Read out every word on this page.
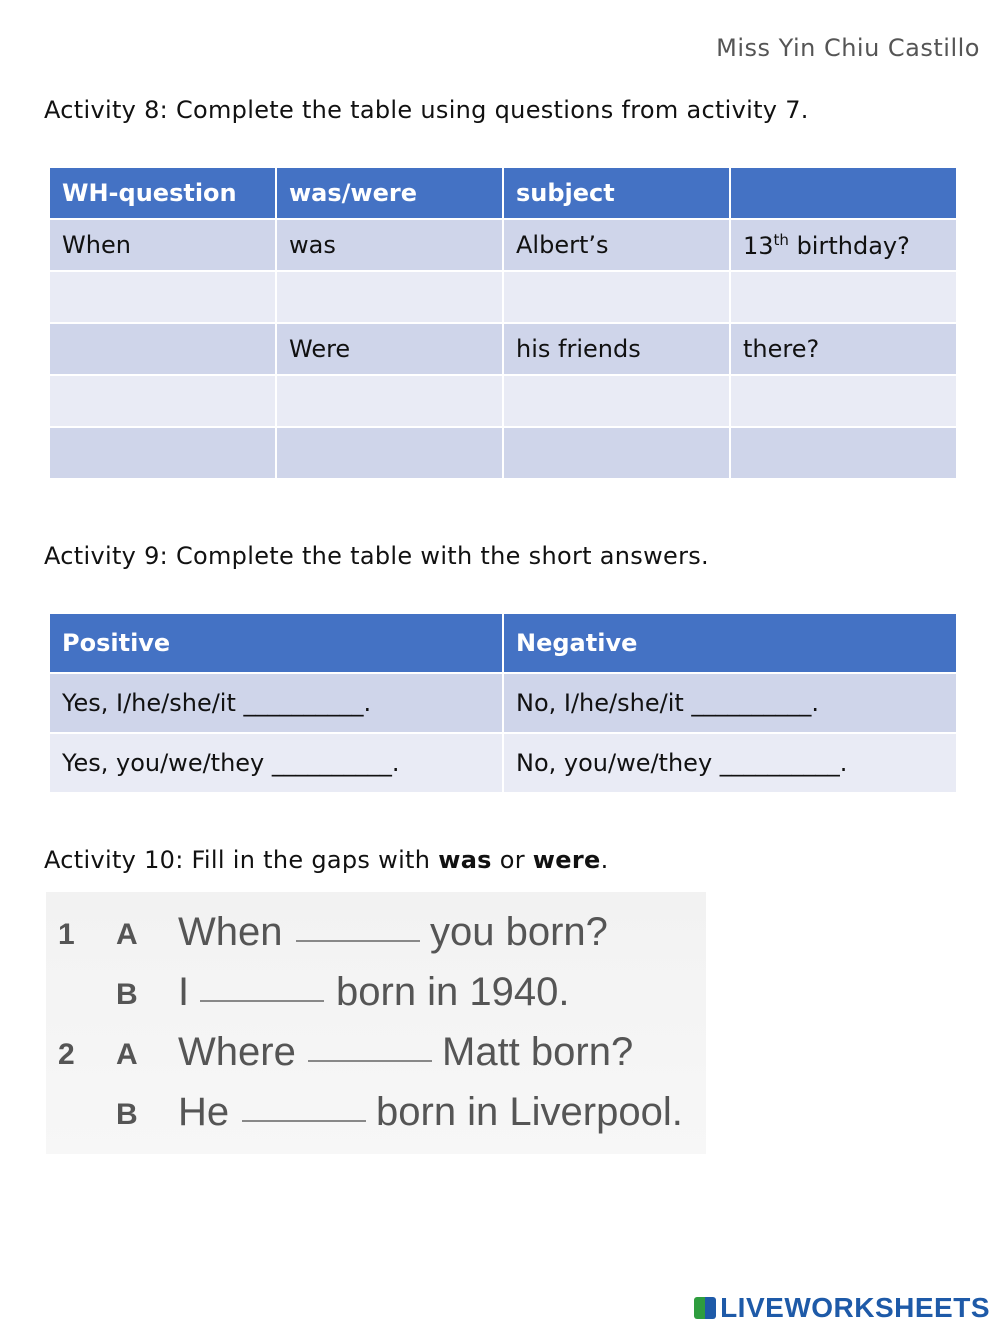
Miss Yin Chiu Castillo
Activity 8: Complete the table using questions from activity 7.
WH-question	was/were	subject	
When	was	Albert’s	13th birthday?

	Were	his friends	there?

Activity 9: Complete the table with the short answers.
Positive	Negative
Yes, I/he/she/it __________.	No, I/he/she/it __________.
Yes, you/we/they __________.	No, you/we/they __________.
Activity 10: Fill in the gaps with was or were.
1 A When	you born?
B I	born in 1940.
2 A Where	Matt born?
B He	born in Liverpool.
LIVEWORKSHEETS
